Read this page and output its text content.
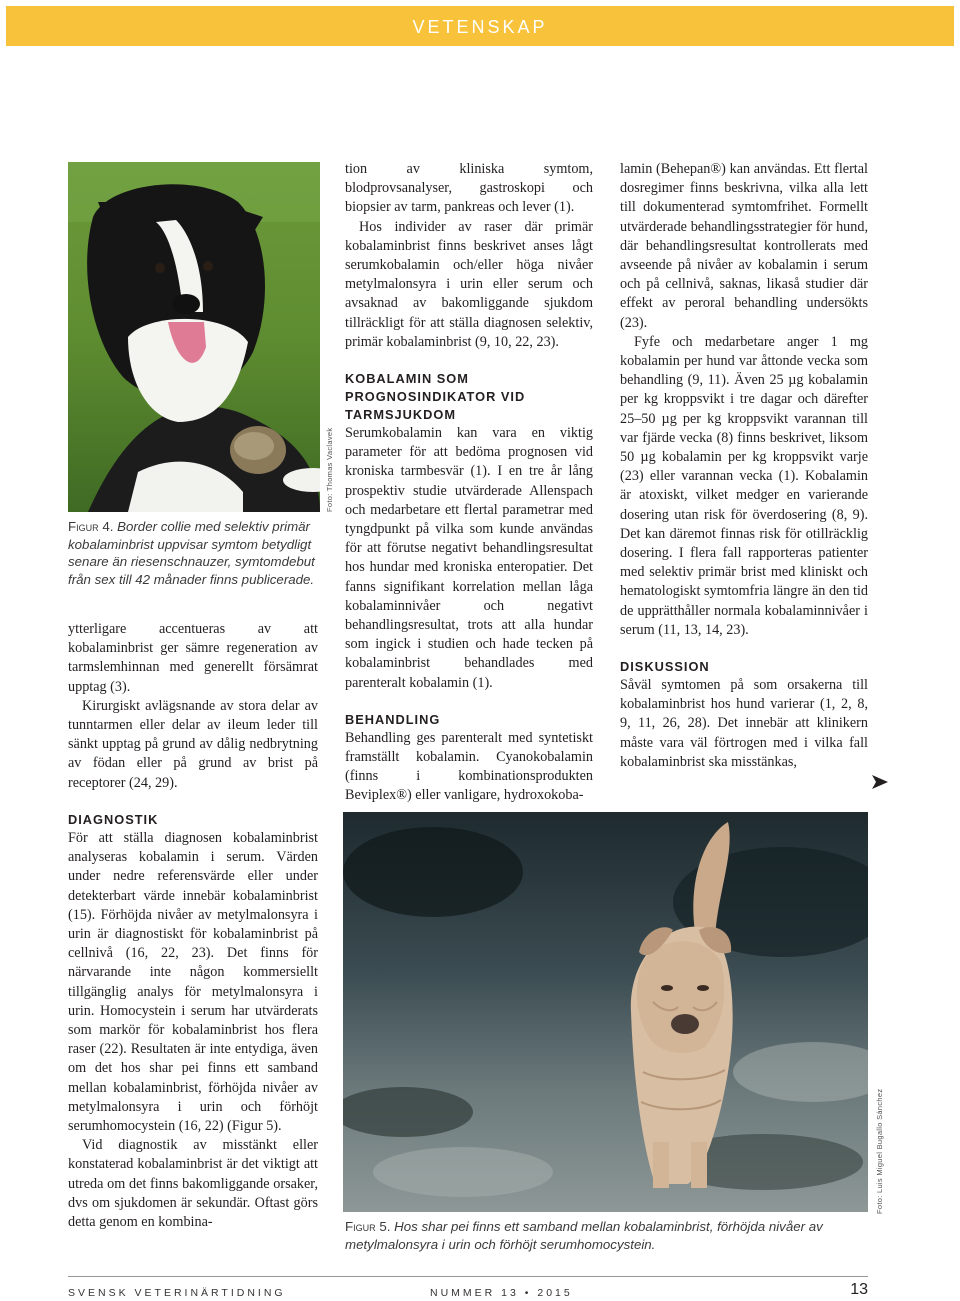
VETENSKAP
Foto: Thomas Vaclavek
Figur 4. Border collie med selektiv primär kobalaminbrist uppvisar symtom betydligt senare än riesenschnauzer, symtomdebut från sex till 42 månader finns publicerade.

ytterligare accentueras av att kobalaminbrist ger sämre regeneration av tarmslemhinnan med generellt försämrat upptag (3).

Kirurgiskt avlägsnande av stora delar av tunntarmen eller delar av ileum leder till sänkt upptag på grund av dålig nedbrytning av födan eller på grund av brist på receptorer (24, 29).

DIAGNOSTIK

För att ställa diagnosen kobalaminbrist analyseras kobalamin i serum. Värden under nedre referensvärde eller under detekterbart värde innebär kobalaminbrist (15). Förhöjda nivåer av metylmalonsyra i urin är diagnostiskt för kobalaminbrist på cellnivå (16, 22, 23). Det finns för närvarande inte någon kommersiellt tillgänglig analys för metylmalonsyra i urin. Homocystein i serum har utvärderats som markör för kobalaminbrist hos flera raser (22). Resultaten är inte entydiga, även om det hos shar pei finns ett samband mellan kobalaminbrist, förhöjda nivåer av metylmalonsyra i urin och förhöjt serumhomocystein (16, 22) (Figur 5).

Vid diagnostik av misstänkt eller konstaterad kobalaminbrist är det viktigt att utreda om det finns bakomliggande orsaker, dvs om sjukdomen är sekundär. Oftast görs detta genom en kombina-

tion av kliniska symtom, blodprovsanalyser, gastroskopi och biopsier av tarm, pankreas och lever (1).

Hos individer av raser där primär kobalaminbrist finns beskrivet anses lågt serumkobalamin och/eller höga nivåer metylmalonsyra i urin eller serum och avsaknad av bakomliggande sjukdom tillräckligt för att ställa diagnosen selektiv, primär kobalaminbrist (9, 10, 22, 23).

KOBALAMIN SOM PROGNOSINDIKATOR VID TARMSJUKDOM

Serumkobalamin kan vara en viktig parameter för att bedöma prognosen vid kroniska tarmbesvär (1). I en tre år lång prospektiv studie utvärderade Allenspach och medarbetare ett flertal parametrar med tyngdpunkt på vilka som kunde användas för att förutse negativt behandlingsresultat hos hundar med kroniska enteropatier. Det fanns signifikant korrelation mellan låga kobalaminnivåer och negativt behandlingsresultat, trots att alla hundar som ingick i studien och hade tecken på kobalaminbrist behandlades med parenteralt kobalamin (1).

BEHANDLING

Behandling ges parenteralt med syntetiskt framställt kobalamin. Cyanokobalamin (finns i kombinationsprodukten Beviplex®) eller vanligare, hydroxokoba-

lamin (Behepan®) kan användas. Ett flertal dosregimer finns beskrivna, vilka alla lett till dokumenterad symtomfrihet. Formellt utvärderade behandlingsstrategier för hund, där behandlingsresultat kontrollerats med avseende på nivåer av kobalamin i serum och på cellnivå, saknas, likaså studier där effekt av peroral behandling undersökts (23).

Fyfe och medarbetare anger 1 mg kobalamin per hund var åttonde vecka som behandling (9, 11). Även 25 µg kobalamin per kg kroppsvikt i tre dagar och därefter 25–50 µg per kg kroppsvikt varannan till var fjärde vecka (8) finns beskrivet, liksom 50 µg kobalamin per kg kroppsvikt varje (23) eller varannan vecka (1). Kobalamin är atoxiskt, vilket medger en varierande dosering utan risk för överdosering (8, 9). Det kan däremot finnas risk för otillräcklig dosering. I flera fall rapporteras patienter med selektiv primär brist med kliniskt och hematologiskt symtomfria längre än den tid de upprätthåller normala kobalaminnivåer i serum (11, 13, 14, 23).

DISKUSSION

Såväl symtomen på som orsakerna till kobalaminbrist hos hund varierar (1, 2, 8, 9, 11, 26, 28). Det innebär att klinikern måste vara väl förtrogen med i vilka fall kobalaminbrist ska misstänkas,

Foto: Luis Miguel Bugallo Sánchez
Figur 5. Hos shar pei finns ett samband mellan kobalaminbrist, förhöjda nivåer av metylmalonsyra i urin och förhöjt serumhomocystein.
SVENSK VETERINÄRTIDNING	NUMMER 13 • 2015	13
